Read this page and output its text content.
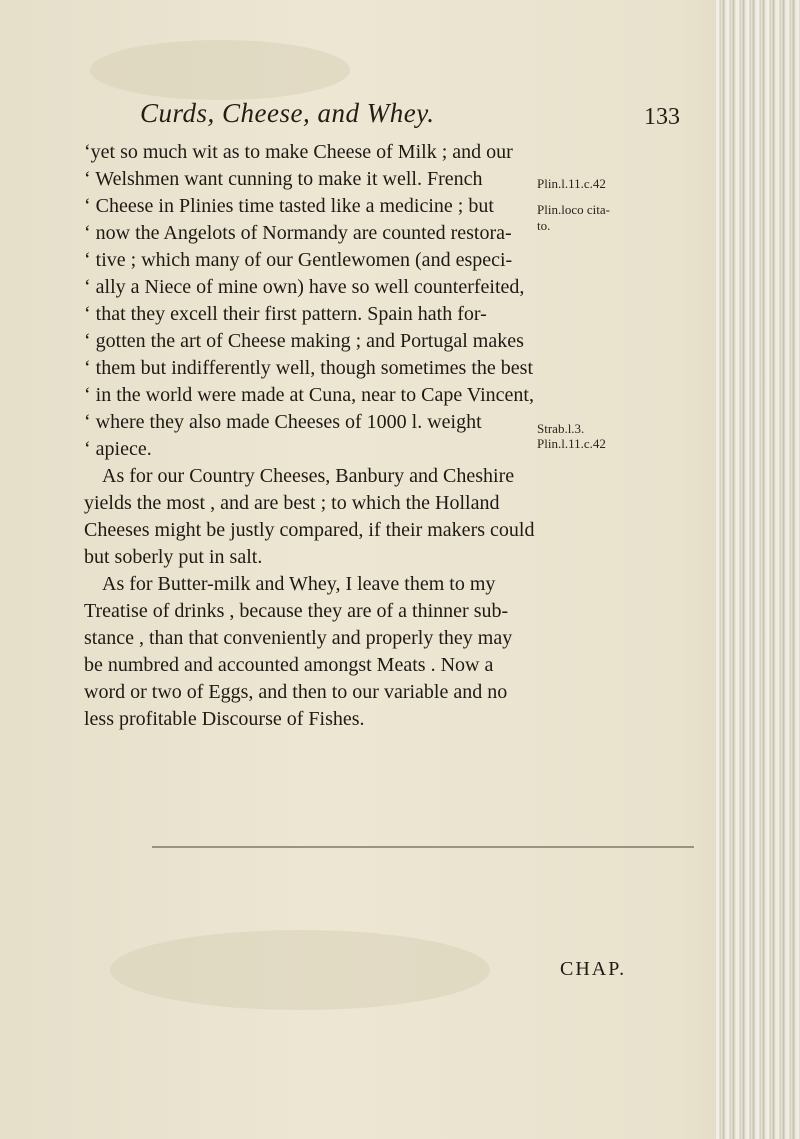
Curds, Cheese, and Whey.	133
‘yet so much wit as to make Cheese of Milk ; and our
‘ Welshmen want cunning to make it well. French
‘ Cheese in Plinies time tasted like a medicine ; but
‘ now the Angelots of Normandy are counted restora-
‘ tive ; which many of our Gentlewomen (and especi-
‘ ally a Niece of mine own) have so well counterfeited,
‘ that they excell their first pattern. Spain hath for-
‘ gotten the art of Cheese making ; and Portugal makes
‘ them but indifferently well, though sometimes the best
‘ in the world were made at Cuna, near to Cape Vincent,
‘ where they also made Cheeses of 1000 l. weight
‘ apiece.
As for our Country Cheeses, Banbury and Cheshire
yields the most , and are best ; to which the Holland
Cheeses might be justly compared, if their makers could
but soberly put in salt.
As for Butter-milk and Whey, I leave them to my
Treatise of drinks , because they are of a thinner sub-
stance , than that conveniently and properly they may
be numbred and accounted amongst Meats . Now a
word or two of Eggs, and then to our variable and no
less profitable Discourse of Fishes.
Plin.l.11.c.42
Plin.loco cita-
to.
Strab.l.3.
Plin.l.11.c.42
CHAP.
